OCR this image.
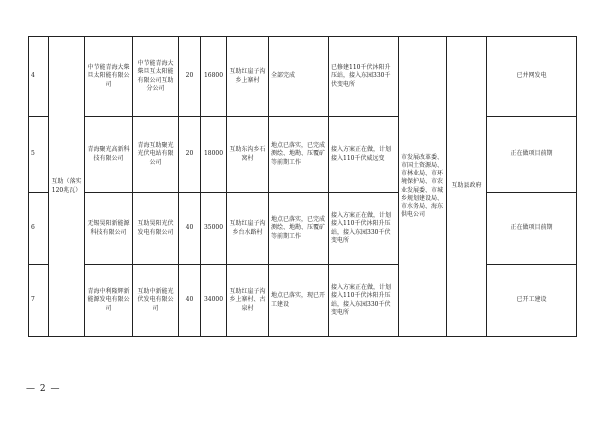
4	互助（落实120兆瓦）	中节能青海大柴旦太阳能有限公司	中节能青海大柴旦互太阳能有限公司互助分公司	20	16800	互助红崖子沟乡上寨村	全部完成	已修建110千伏沐阳升压站，接入东园330千伏变电所	市发展改革委、市国土资源局、市林业局、市环境保护局、市农业发展委、市城乡规划建设局、市水务局、海东供电公司	互助县政府	已并网发电
5		青海聚光高新科技有限公司	青海互助聚光光伏电站有限公司	20	18000	互助东沟乡石窝村	地点已落实，已完成测绘、地勘、压覆矿等前期工作	接入方案正在做，计划接入110千伏威远变			正在做项目前期
6		无锡昊阳新能源科技有限公司	互助昊阳光伏发电有限公司	40	35000	互助红崖子沟乡台水路村	地点已落实，已完成测绘、地勘、压覆矿等前期工作	接入方案正在做，计划接入110千伏沐阳升压站，接入东园330千伏变电所			正在做项目前期
7		青海中利隆辉新能源发电有限公司	互助中新能光伏发电有限公司	40	34000	互助红崖子沟乡上寨村、古泉村	地点已落实，现已开工建设	接入方案正在做，计划接入110千伏沐阳升压站，接入东园330千伏变电所			已开工建设
— 2 —
